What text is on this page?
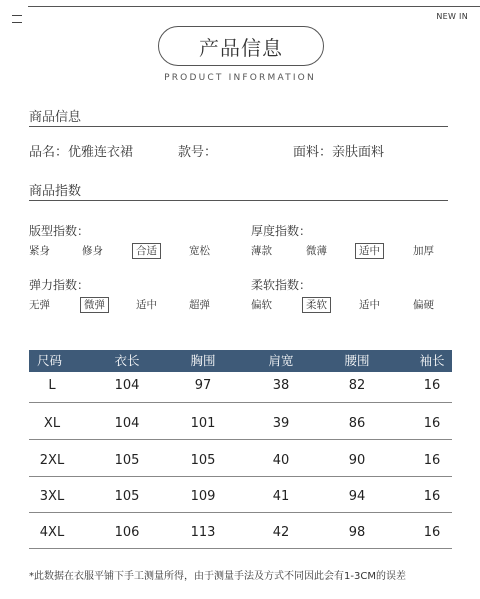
NEW IN
产品信息
PRODUCT INFORMATION
商品信息
品名：优雅连衣裙	款号：	面料：亲肤面料
商品指数
版型指数：
紧身	修身	合适	宽松
厚度指数：
薄款	微薄	适中	加厚
弹力指数：
无弹	微弹	适中	超弹
柔软指数：
偏软	柔软	适中	偏硬
尺码	衣长	胸围	肩宽	腰围	袖长
L	104	97	38	82	16
XL	104	101	39	86	16
2XL	105	105	40	90	16
3XL	105	109	41	94	16
4XL	106	113	42	98	16
*此数据在衣服平铺下手工测量所得，由于测量手法及方式不同因此会有1-3CM的误差
